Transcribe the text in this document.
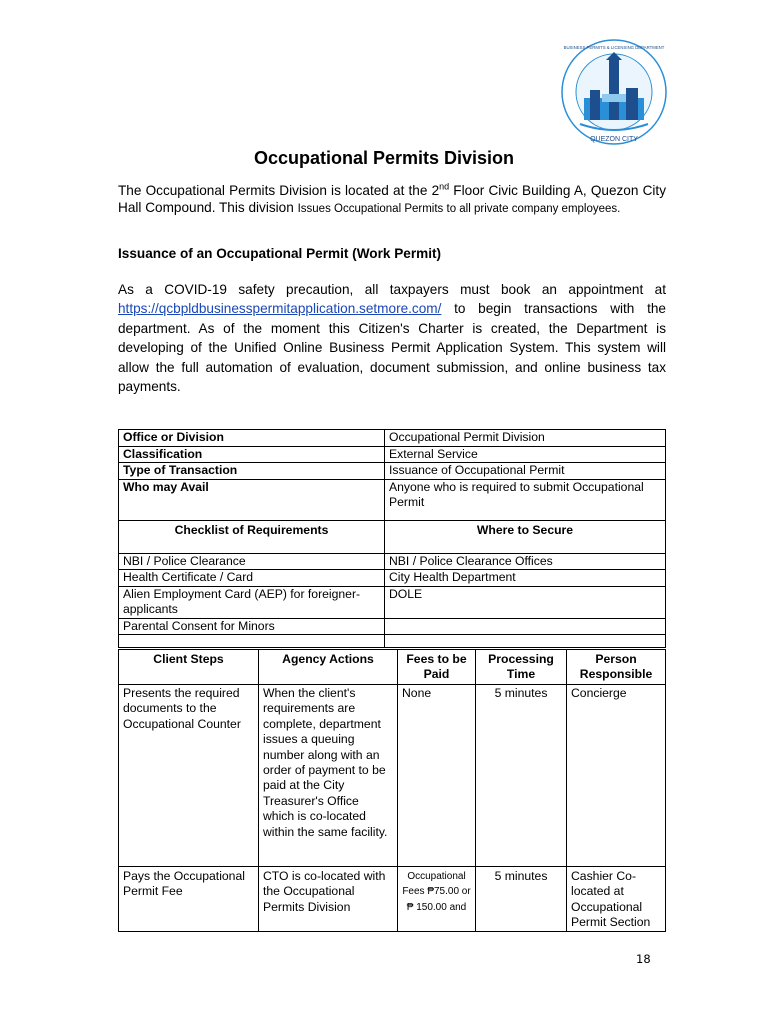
QUEZON CITY
BUSINESS PERMITS & LICENSING DEPARTMENT
Occupational Permits Division

The Occupational Permits Division is located at the 2nd Floor Civic Building A, Quezon City Hall Compound. This division Issues Occupational Permits to all private company employees.

Issuance of an Occupational Permit (Work Permit)

As a COVID-19 safety precaution, all taxpayers must book an appointment at https://qcbpldbusinesspermitapplication.setmore.com/ to begin transactions with the department. As of the moment this Citizen's Charter is created, the Department is developing of the Unified Online Business Permit Application System. This system will allow the full automation of evaluation, document submission, and online business tax payments.

Office or Division	Occupational Permit Division
Classification	External Service
Type of Transaction	Issuance of Occupational Permit
Who may Avail	Anyone who is required to submit Occupational Permit
Checklist of Requirements	Where to Secure
NBI / Police Clearance	NBI / Police Clearance Offices
Health Certificate / Card	City Health Department
Alien Employment Card (AEP) for foreigner-applicants	DOLE
Parental Consent for Minors	

Client Steps	Agency Actions	Fees to be Paid	Processing Time	Person Responsible
Presents the required documents to the Occupational Counter	When the client's requirements are complete, department issues a queuing number along with an order of payment to be paid at the City Treasurer's Office which is co-located within the same facility.	None	5 minutes	Concierge
Pays the Occupational Permit Fee	CTO is co-located with the Occupational Permits Division	Occupational Fees ₱75.00 or ₱ 150.00 and	5 minutes	Cashier Co-located at Occupational Permit Section

18
